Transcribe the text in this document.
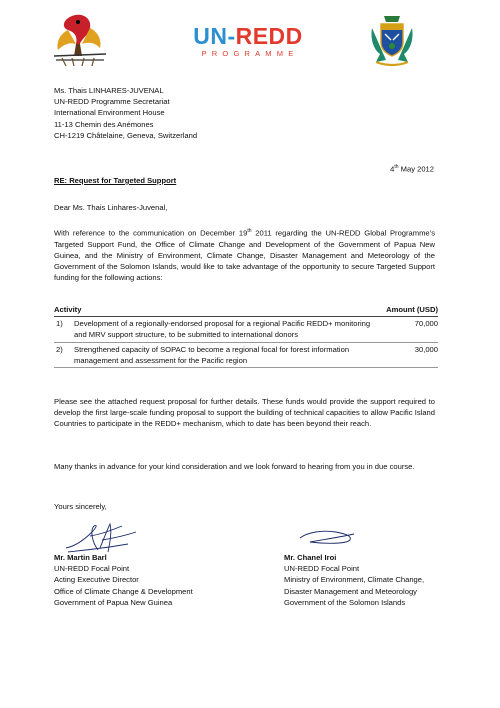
UN-REDD
PROGRAMME
Ms. Thais LINHARES-JUVENAL
UN-REDD Programme Secretariat
International Environment House
11-13 Chemin des Anémones
CH-1219 Châtelaine, Geneva, Switzerland
4th May 2012
RE: Request for Targeted Support
Dear Ms. Thais Linhares-Juvenal,
With reference to the communication on December 19th 2011 regarding the UN-REDD Global Programme’s Targeted Support Fund, the Office of Climate Change and Development of the Government of Papua New Guinea, and the Ministry of Environment, Climate Change, Disaster Management and Meteorology of the Government of the Solomon Islands, would like to take advantage of the opportunity to secure Targeted Support funding for the following actions:
Activity		Amount (USD)
1)	Development of a regionally-endorsed proposal for a regional Pacific REDD+ monitoring and MRV support structure, to be submitted to international donors	70,000
2)	Strengthened capacity of SOPAC to become a regional focal for forest information management and assessment for the Pacific region	30,000
Please see the attached request proposal for further details. These funds would provide the support required to develop the first large-scale funding proposal to support the building of technical capacities to allow Pacific Island Countries to participate in the REDD+ mechanism, which to date has been beyond their reach.
Many thanks in advance for your kind consideration and we look forward to hearing from you in due course.
Yours sincerely,
Mr. Martin Barl
UN-REDD Focal Point
Acting Executive Director
Office of Climate Change & Development
Government of Papua New Guinea
Mr. Chanel Iroi
UN-REDD Focal Point
Ministry of Environment, Climate Change, Disaster Management and Meteorology
Government of the Solomon Islands
